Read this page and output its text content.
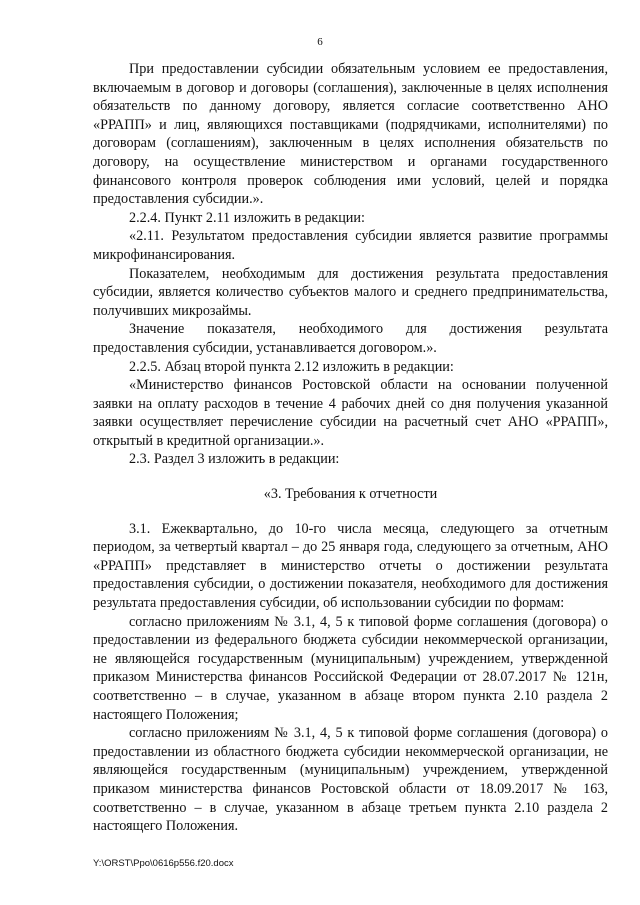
6

При предоставлении субсидии обязательным условием ее предоставления, включаемым в договор и договоры (соглашения), заключенные в целях исполнения обязательств по данному договору, является согласие соответственно АНО «РРАПП» и лиц, являющихся поставщиками (подрядчиками, исполнителями) по договорам (соглашениям), заключенным в целях исполнения обязательств по договору, на осуществление министерством и органами государственного финансового контроля проверок соблюдения ими условий, целей и порядка предоставления субсидии.».

2.2.4. Пункт 2.11 изложить в редакции:

«2.11. Результатом предоставления субсидии является развитие программы микрофинансирования.

Показателем, необходимым для достижения результата предоставления субсидии, является количество субъектов малого и среднего предпринимательства, получивших микрозаймы.

Значение показателя, необходимого для достижения результата предоставления субсидии, устанавливается договором.».

2.2.5. Абзац второй пункта 2.12 изложить в редакции:

«Министерство финансов Ростовской области на основании полученной заявки на оплату расходов в течение 4 рабочих дней со дня получения указанной заявки осуществляет перечисление субсидии на расчетный счет АНО «РРАПП», открытый в кредитной организации.».

2.3. Раздел 3 изложить в редакции:

«3. Требования к отчетности

3.1. Ежеквартально, до 10-го числа месяца, следующего за отчетным периодом, за четвертый квартал – до 25 января года, следующего за отчетным, АНО «РРАПП» представляет в министерство отчеты о достижении результата предоставления субсидии, о достижении показателя, необходимого для достижения результата предоставления субсидии, об использовании субсидии по формам:

согласно приложениям № 3.1, 4, 5 к типовой форме соглашения (договора) о предоставлении из федерального бюджета субсидии некоммерческой организации, не являющейся государственным (муниципальным) учреждением, утвержденной приказом Министерства финансов Российской Федерации от 28.07.2017 № 121н, соответственно – в случае, указанном в абзаце втором пункта 2.10 раздела 2 настоящего Положения;

согласно приложениям № 3.1, 4, 5 к типовой форме соглашения (договора) о предоставлении из областного бюджета субсидии некоммерческой организации, не являющейся государственным (муниципальным) учреждением, утвержденной приказом министерства финансов Ростовской области от 18.09.2017 № 163, соответственно – в случае, указанном в абзаце третьем пункта 2.10 раздела 2 настоящего Положения.

Y:\ORST\Ppo\0616p556.f20.docx
